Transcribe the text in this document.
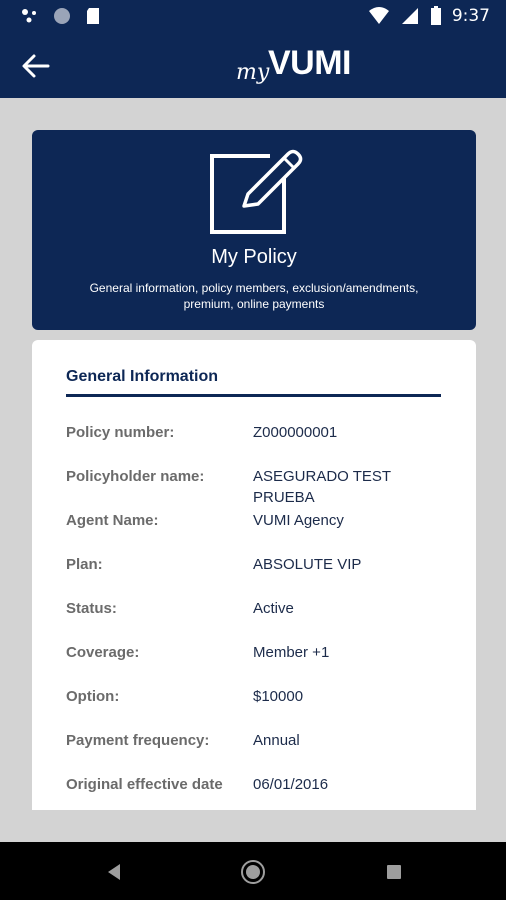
9:37
my
VUMI
My Policy
General information, policy members, exclusion/amendments, premium, online payments
General Information
Policy number:	Z000000001
Policyholder name:	ASEGURADO TEST PRUEBA
Agent Name:	VUMI Agency
Plan:	ABSOLUTE VIP
Status:	Active
Coverage:	Member +1
Option:	$10000
Payment frequency:	Annual
Original effective date	06/01/2016
